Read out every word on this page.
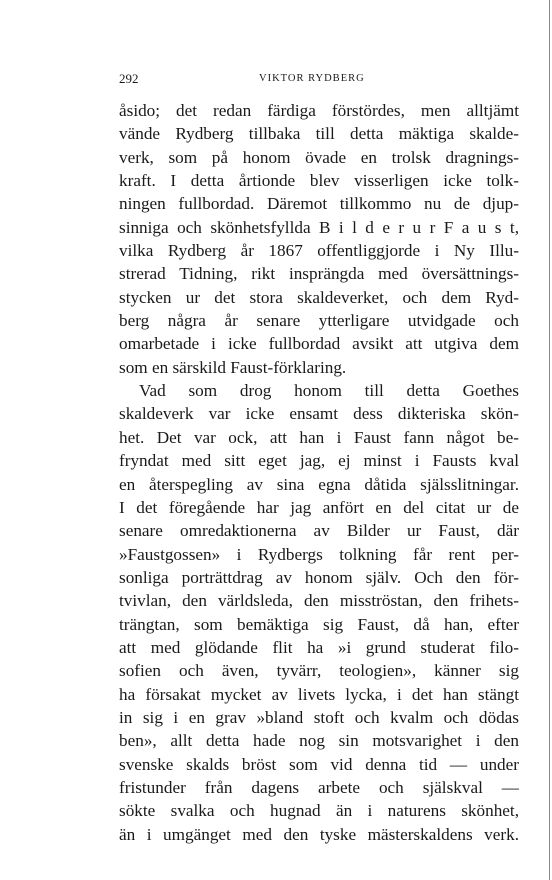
292	VIKTOR RYDBERG
åsido; det redan färdiga förstördes, men alltjämt
vände Rydberg tillbaka till detta mäktiga skalde-
verk, som på honom övade en trolsk dragnings-
kraft. I detta årtionde blev visserligen icke tolk-
ningen fullbordad. Däremot tillkommo nu de djup-
sinniga och skönhetsfyllda B i l d e r u r F a u s t,
vilka Rydberg år 1867 offentliggjorde i Ny Illu-
strerad Tidning, rikt insprängda med översättnings-
stycken ur det stora skaldeverket, och dem Ryd-
berg några år senare ytterligare utvidgade och
omarbetade i icke fullbordad avsikt att utgiva dem
som en särskild Faust-förklaring.
Vad som drog honom till detta Goethes
skaldeverk var icke ensamt dess dikteriska skön-
het. Det var ock, att han i Faust fann något be-
fryndat med sitt eget jag, ej minst i Fausts kval
en återspegling av sina egna dåtida själsslitningar.
I det föregående har jag anfört en del citat ur de
senare omredaktionerna av Bilder ur Faust, där
»Faustgossen» i Rydbergs tolkning får rent per-
sonliga porträttdrag av honom själv. Och den för-
tvivlan, den världsleda, den misströstan, den frihets-
trängtan, som bemäktiga sig Faust, då han, efter
att med glödande flit ha »i grund studerat filo-
sofien och även, tyvärr, teologien», känner sig
ha försakat mycket av livets lycka, i det han stängt
in sig i en grav »bland stoft och kvalm och dödas
ben», allt detta hade nog sin motsvarighet i den
svenske skalds bröst som vid denna tid — under
fristunder från dagens arbete och själskval —
sökte svalka och hugnad än i naturens skönhet,
än i umgänget med den tyske mästerskaldens verk.
